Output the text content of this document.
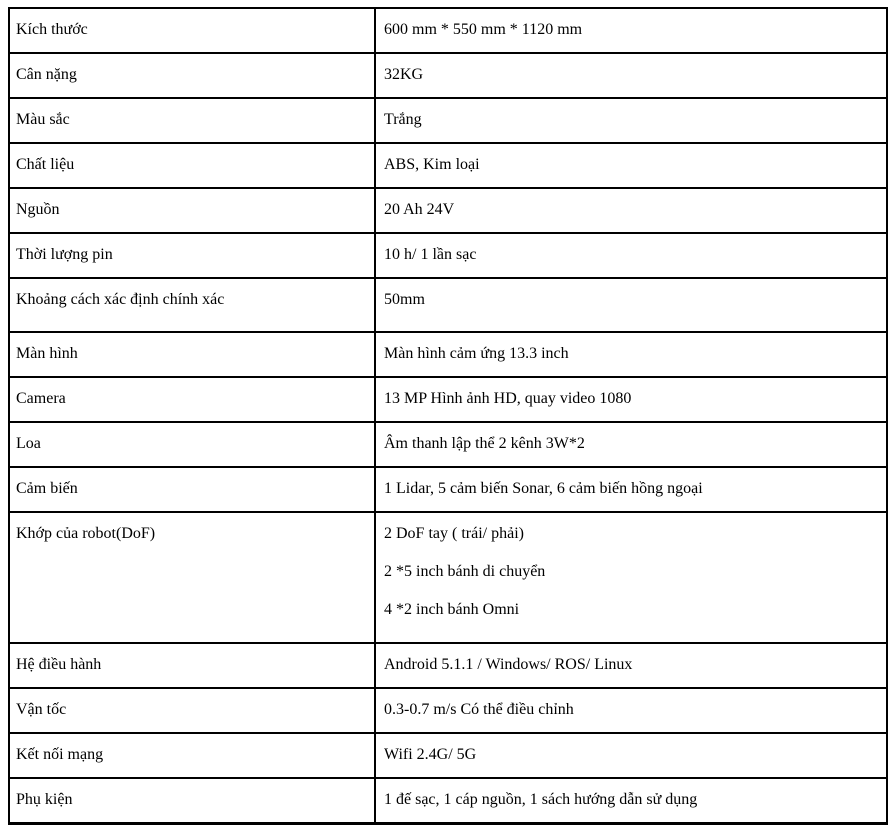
Kích thước	600 mm * 550 mm * 1120 mm

Cân nặng	32KG

Màu sắc	Trắng

Chất liệu	ABS, Kim loại

Nguồn	20 Ah 24V

Thời lượng pin	10 h/ 1 lần sạc

Khoảng cách xác định chính xác	50mm

Màn hình	Màn hình cảm ứng 13.3 inch

Camera	13 MP Hình ảnh HD, quay video 1080

Loa	Âm thanh lập thể 2 kênh 3W*2

Cảm biến	1 Lidar, 5 cảm biến Sonar, 6 cảm biến hồng ngoại

Khớp của robot(DoF)	2 DoF tay ( trái/ phải)

2 *5 inch bánh di chuyển

4 *2 inch bánh Omni

Hệ điều hành	Android 5.1.1 / Windows/ ROS/ Linux

Vận tốc	0.3-0.7 m/s Có thể điều chỉnh

Kết nối mạng	Wifi 2.4G/ 5G

Phụ kiện	1 đế sạc, 1 cáp nguồn, 1 sách hướng dẫn sử dụng
